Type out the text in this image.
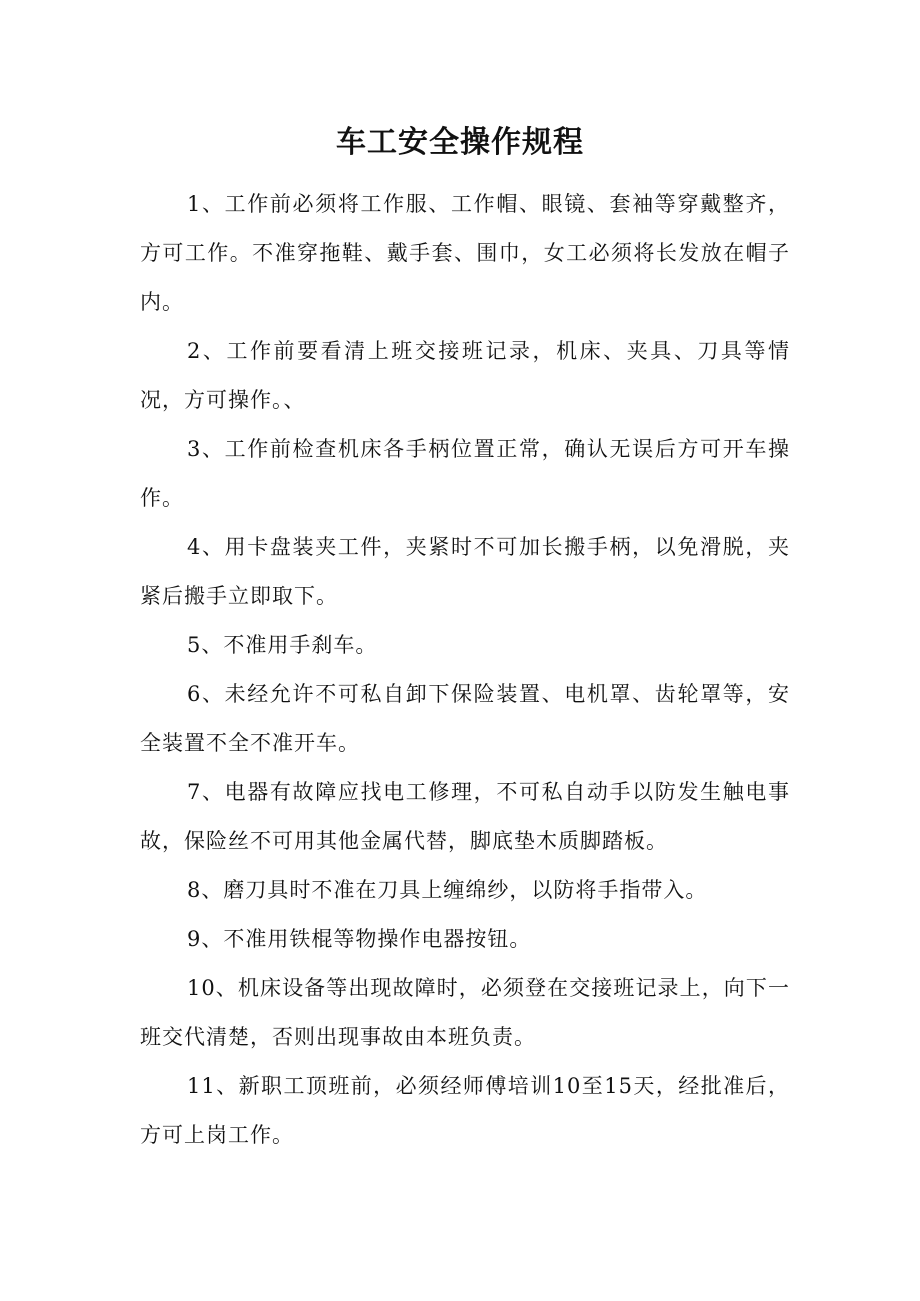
车工安全操作规程

1、工作前必须将工作服、工作帽、眼镜、套袖等穿戴整齐，方可工作。不准穿拖鞋、戴手套、围巾，女工必须将长发放在帽子内。

2、工作前要看清上班交接班记录，机床、夹具、刀具等情况，方可操作。、

3、工作前检查机床各手柄位置正常，确认无误后方可开车操作。

4、用卡盘装夹工件，夹紧时不可加长搬手柄，以免滑脱，夹紧后搬手立即取下。

5、不准用手刹车。

6、未经允许不可私自卸下保险装置、电机罩、齿轮罩等，安全装置不全不准开车。

7、电器有故障应找电工修理，不可私自动手以防发生触电事故，保险丝不可用其他金属代替，脚底垫木质脚踏板。

8、磨刀具时不准在刀具上缠绵纱，以防将手指带入。

9、不准用铁棍等物操作电器按钮。

10、机床设备等出现故障时，必须登在交接班记录上，向下一班交代清楚，否则出现事故由本班负责。

11、新职工顶班前，必须经师傅培训10至15天，经批准后，方可上岗工作。
